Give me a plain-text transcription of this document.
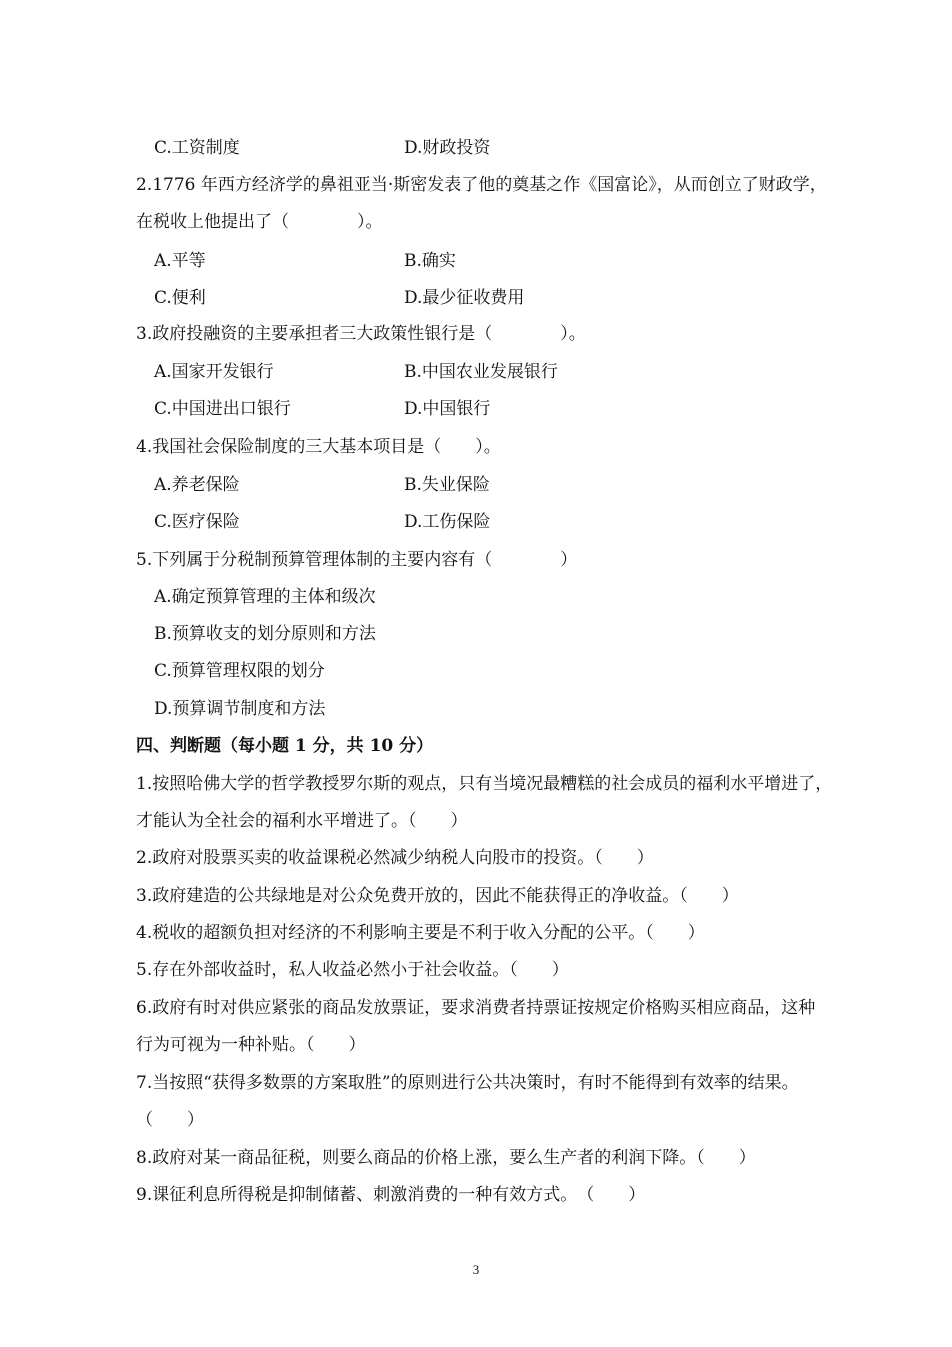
C.工资制度	D.财政投资
2.1776 年西方经济学的鼻祖亚当·斯密发表了他的奠基之作《国富论》，从而创立了财政学，
在税收上他提出了（　　　　）。
A.平等	B.确实
C.便利	D.最少征收费用
3.政府投融资的主要承担者三大政策性银行是（　　　　）。
A.国家开发银行	B.中国农业发展银行
C.中国进出口银行	D.中国银行
4.我国社会保险制度的三大基本项目是（　　）。
A.养老保险	B.失业保险
C.医疗保险	D.工伤保险
5.下列属于分税制预算管理体制的主要内容有（　　　　）
A.确定预算管理的主体和级次
B.预算收支的划分原则和方法
C.预算管理权限的划分
D.预算调节制度和方法
四、判断题（每小题 1 分，共 10 分）
1.按照哈佛大学的哲学教授罗尔斯的观点，只有当境况最糟糕的社会成员的福利水平增进了，
才能认为全社会的福利水平增进了。（　　）
2.政府对股票买卖的收益课税必然减少纳税人向股市的投资。（　　）
3.政府建造的公共绿地是对公众免费开放的，因此不能获得正的净收益。（　　）
4.税收的超额负担对经济的不利影响主要是不利于收入分配的公平。（　　）
5.存在外部收益时，私人收益必然小于社会收益。（　　）
6.政府有时对供应紧张的商品发放票证，要求消费者持票证按规定价格购买相应商品，这种
行为可视为一种补贴。（　　）
7.当按照“获得多数票的方案取胜”的原则进行公共决策时，有时不能得到有效率的结果。
（　　）
8.政府对某一商品征税，则要么商品的价格上涨，要么生产者的利润下降。（　　）
9.课征利息所得税是抑制储蓄、刺激消费的一种有效方式。　（　　）
3
